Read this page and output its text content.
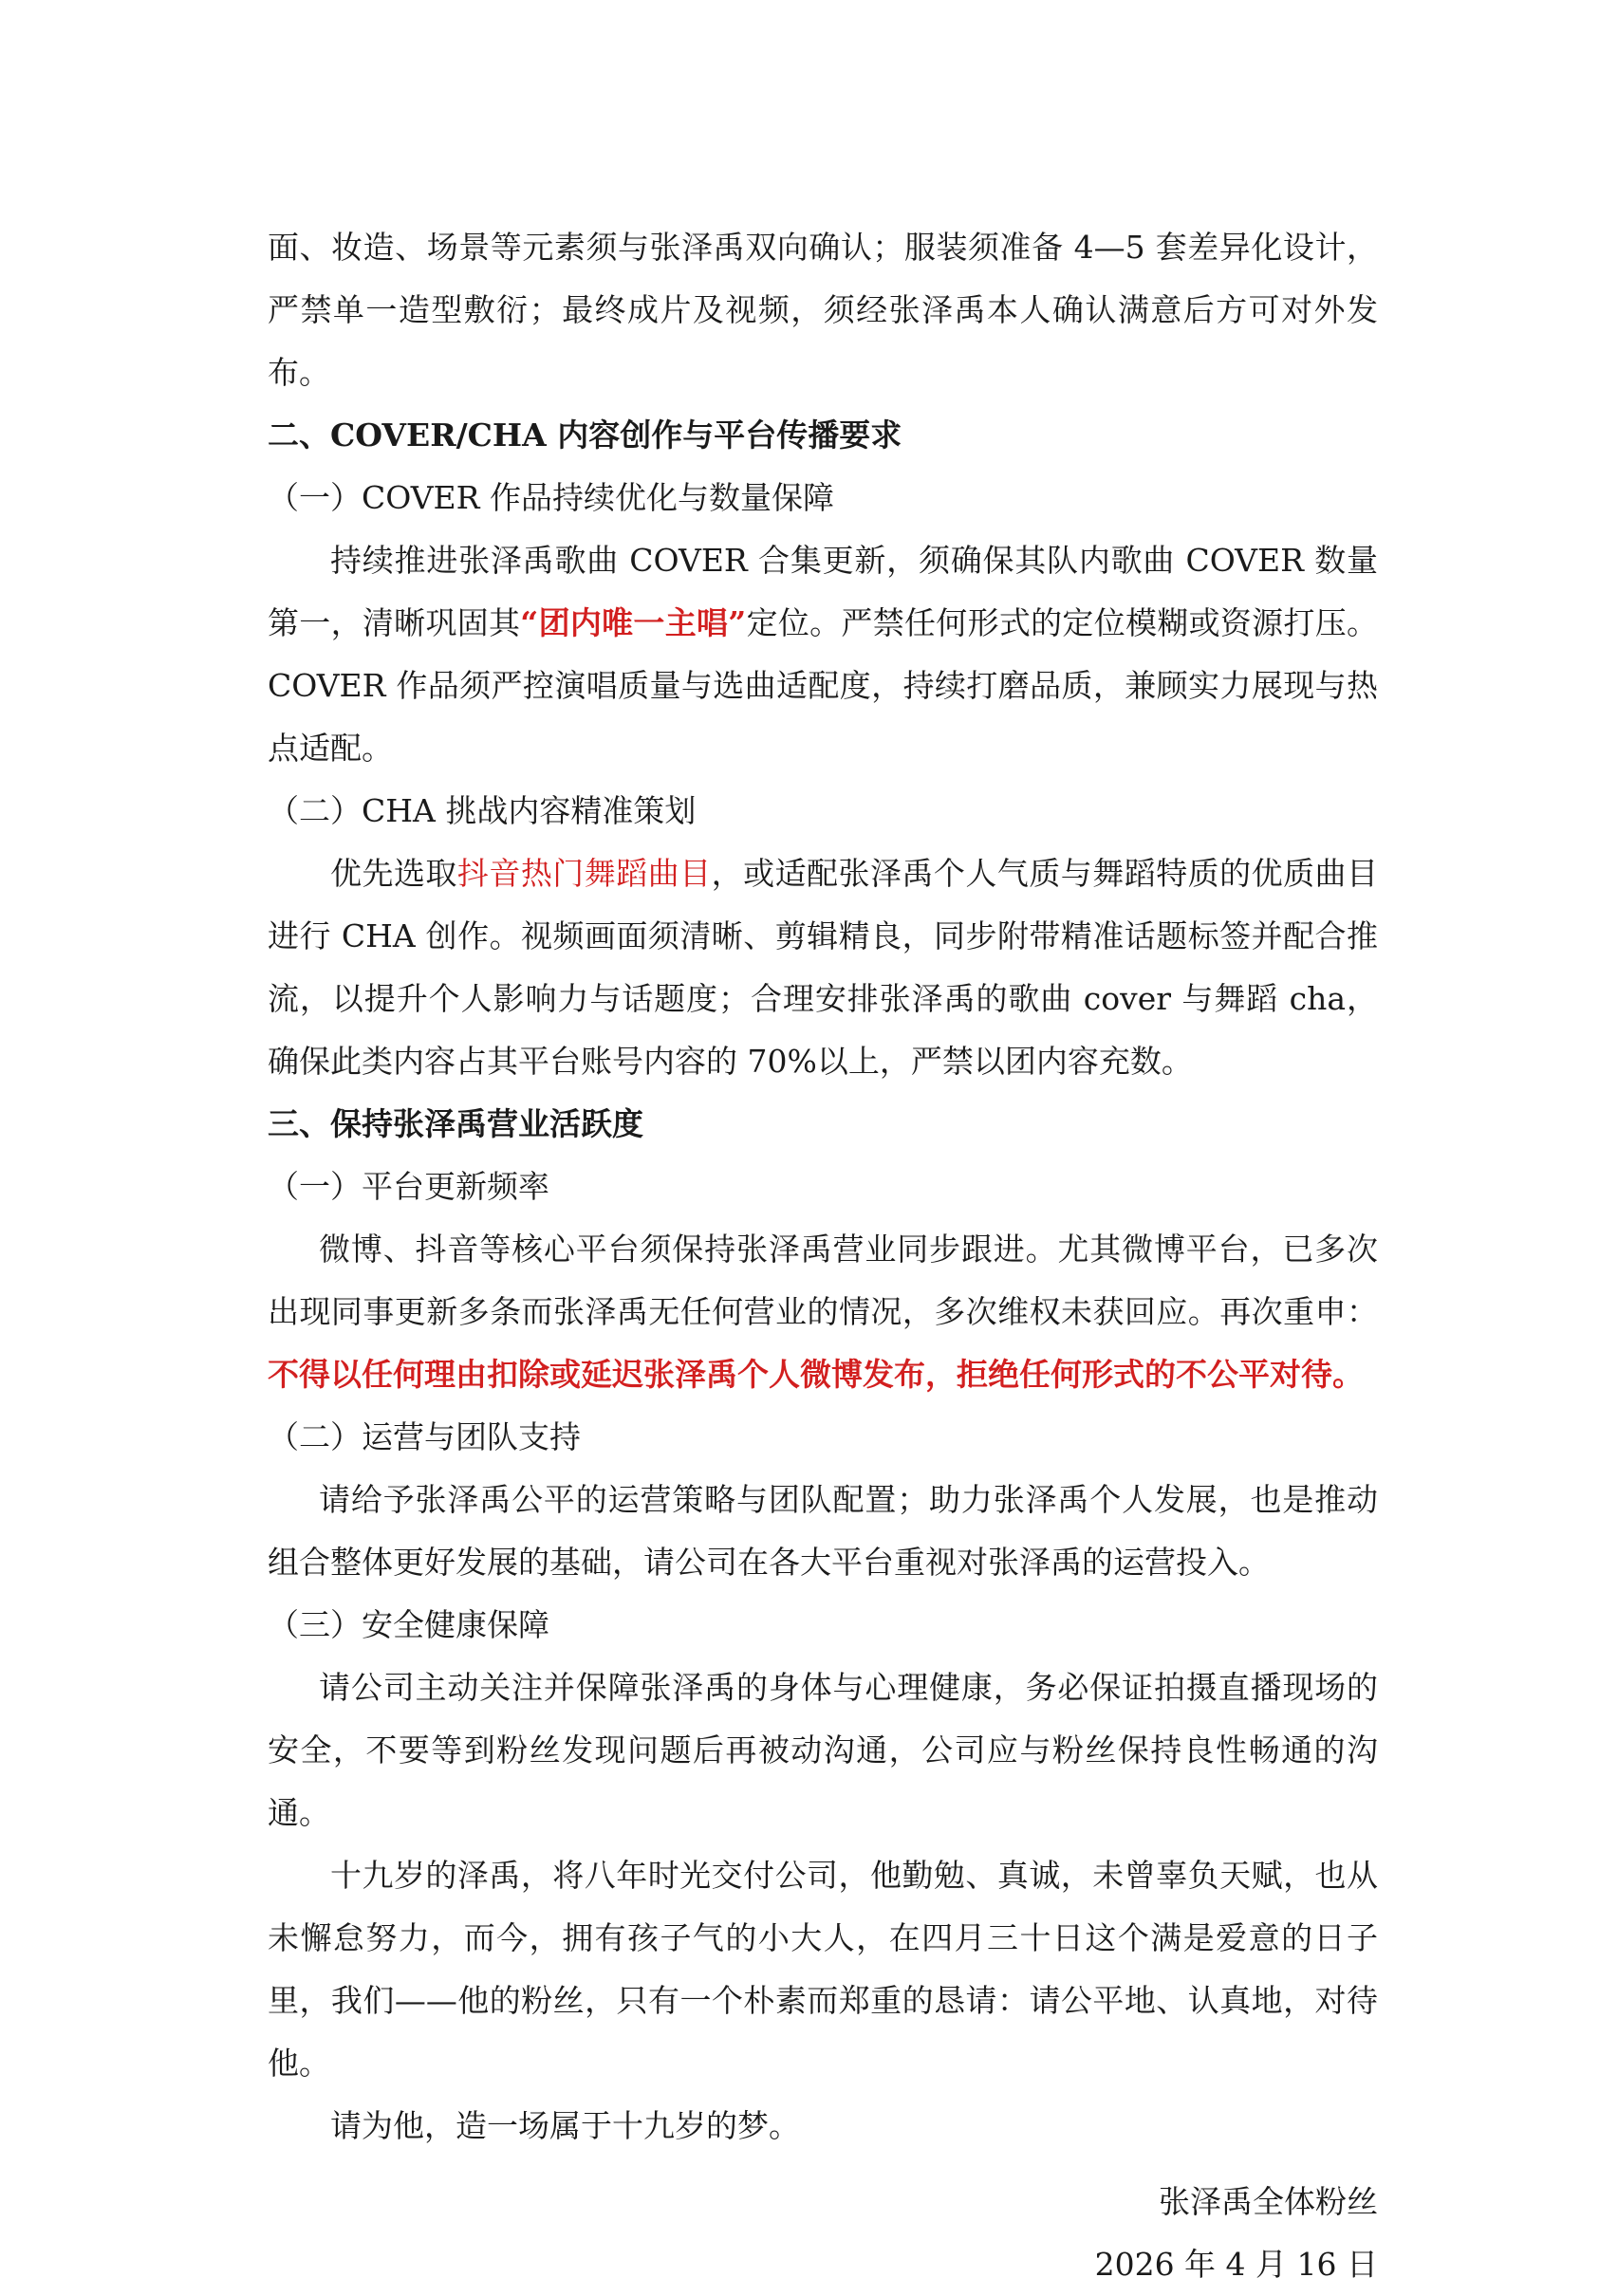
面、妆造、场景等元素须与张泽禹双向确认；服装须准备 4—5 套差异化设计，严禁单一造型敷衍；最终成片及视频，须经张泽禹本人确认满意后方可对外发布。

二、COVER/CHA 内容创作与平台传播要求

（一）COVER 作品持续优化与数量保障

持续推进张泽禹歌曲 COVER 合集更新，须确保其队内歌曲 COVER 数量第一，清晰巩固其“团内唯一主唱”定位。严禁任何形式的定位模糊或资源打压。COVER 作品须严控演唱质量与选曲适配度，持续打磨品质，兼顾实力展现与热点适配。

（二）CHA 挑战内容精准策划

优先选取抖音热门舞蹈曲目，或适配张泽禹个人气质与舞蹈特质的优质曲目进行 CHA 创作。视频画面须清晰、剪辑精良，同步附带精准话题标签并配合推流，以提升个人影响力与话题度；合理安排张泽禹的歌曲 cover 与舞蹈 cha，确保此类内容占其平台账号内容的 70%以上，严禁以团内容充数。

三、保持张泽禹营业活跃度

（一）平台更新频率

微博、抖音等核心平台须保持张泽禹营业同步跟进。尤其微博平台，已多次出现同事更新多条而张泽禹无任何营业的情况，多次维权未获回应。再次重申：不得以任何理由扣除或延迟张泽禹个人微博发布，拒绝任何形式的不公平对待。

（二）运营与团队支持

请给予张泽禹公平的运营策略与团队配置；助力张泽禹个人发展，也是推动组合整体更好发展的基础，请公司在各大平台重视对张泽禹的运营投入。

（三）安全健康保障

请公司主动关注并保障张泽禹的身体与心理健康，务必保证拍摄直播现场的安全，不要等到粉丝发现问题后再被动沟通，公司应与粉丝保持良性畅通的沟通。

十九岁的泽禹，将八年时光交付公司，他勤勉、真诚，未曾辜负天赋，也从未懈怠努力，而今，拥有孩子气的小大人，在四月三十日这个满是爱意的日子里，我们——他的粉丝，只有一个朴素而郑重的恳请：请公平地、认真地，对待他。

请为他，造一场属于十九岁的梦。

张泽禹全体粉丝

2026 年 4 月 16 日
